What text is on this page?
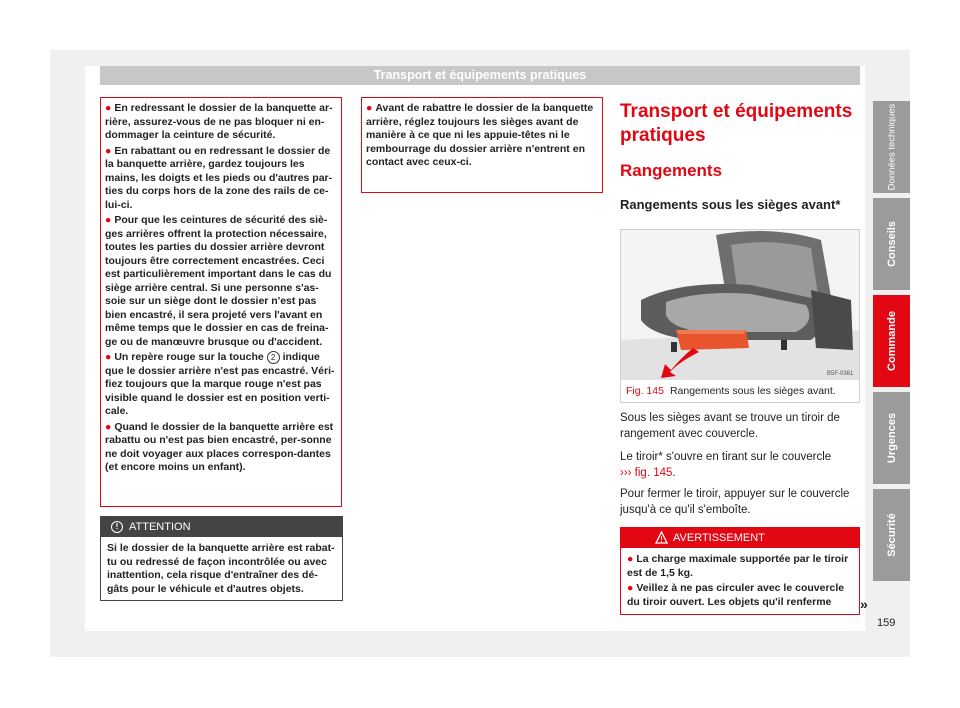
Transport et équipements pratiques
Données techniques
Conseils
Commande
Urgences
Sécurité
● En redressant le dossier de la banquette ar-rière, assurez-vous de ne pas bloquer ni en-dommager la ceinture de sécurité.
● En rabattant ou en redressant le dossier de la banquette arrière, gardez toujours les mains, les doigts et les pieds ou d'autres par-ties du corps hors de la zone des rails de ce-lui-ci.
● Pour que les ceintures de sécurité des siè-ges arrières offrent la protection nécessaire, toutes les parties du dossier arrière devront toujours être correctement encastrées. Ceci est particulièrement important dans le cas du siège arrière central. Si une personne s'as-soie sur un siège dont le dossier n'est pas bien encastré, il sera projeté vers l'avant en même temps que le dossier en cas de freina-ge ou de manœuvre brusque ou d'accident.
● Un repère rouge sur la touche 2 indique que le dossier arrière n'est pas encastré. Véri-fiez toujours que la marque rouge n'est pas visible quand le dossier est en position verti-cale.
● Quand le dossier de la banquette arrière est rabattu ou n'est pas bien encastré, per-sonne ne doit voyager aux places correspon-dantes (et encore moins un enfant).
! ATTENTION
Si le dossier de la banquette arrière est rabat-tu ou redressé de façon incontrôlée ou avec inattention, cela risque d'entraîner des dé-gâts pour le véhicule et d'autres objets.
● Avant de rabattre le dossier de la banquette arrière, réglez toujours les sièges avant de manière à ce que ni les appuie-têtes ni le rembourrage du dossier arrière n'entrent en contact avec ceux-ci.
Transport et équipements pratiques
Rangements
Rangements sous les sièges avant*
B5F-0361
Fig. 145 Rangements sous les sièges avant.
Sous les sièges avant se trouve un tiroir de rangement avec couvercle.
Le tiroir* s'ouvre en tirant sur le couvercle
››› fig. 145.
Pour fermer le tiroir, appuyer sur le couvercle jusqu'à ce qu'il s'emboîte.
AVERTISSEMENT
● La charge maximale supportée par le tiroir est de 1,5 kg.
● Veillez à ne pas circuler avec le couvercle du tiroir ouvert. Les objets qu'il renferme	»
159
